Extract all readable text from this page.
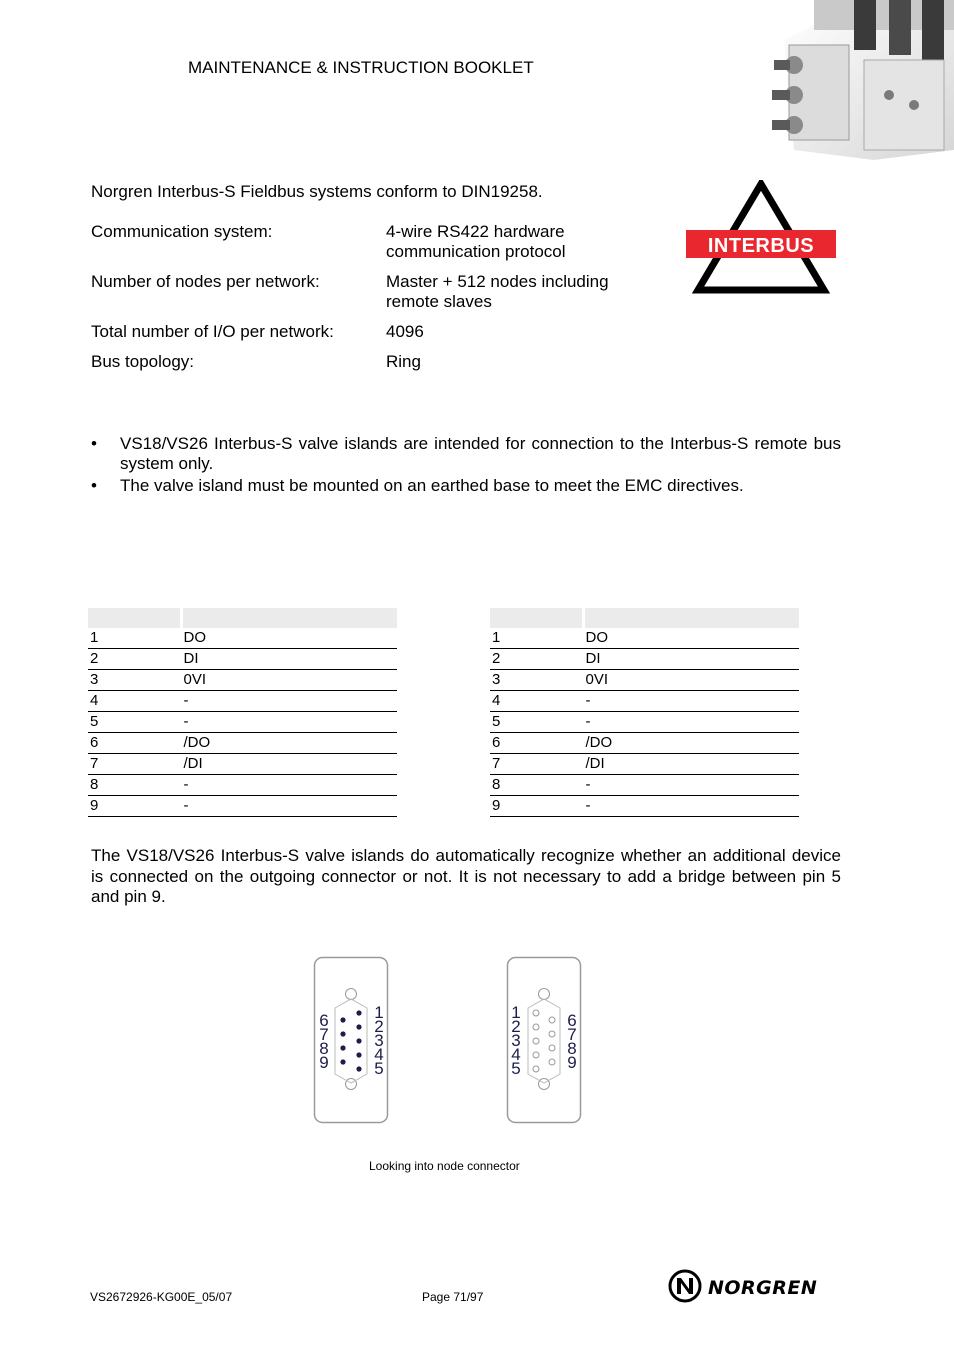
MAINTENANCE & INSTRUCTION BOOKLET
Norgren Interbus-S Fieldbus systems conform to DIN19258.
Communication system:	4-wire RS422 hardware
communication protocol
Number of nodes per network:	Master + 512 nodes including
remote slaves
Total number of I/O per network:	4096
Bus topology:	Ring
INTERBUS
• VS18/VS26 Interbus-S valve islands are intended for connection to the Interbus-S remote bus system only.
• The valve island must be mounted on an earthed base to meet the EMC directives.

1	DO
2	DI
3	0VI
4	-
5	-
6	/DO
7	/DI
8	-
9	-

1	DO
2	DI
3	0VI
4	-
5	-
6	/DO
7	/DI
8	-
9	-
The VS18/VS26 Interbus-S valve islands do automatically recognize whether an additional device is connected on the outgoing connector or not. It is not necessary to add a bridge between pin 5 and pin 9.
6
7
8
9
1
2
3
4
5
1
2
3
4
5
6
7
8
9
Looking into node connector
VS2672926-KG00E_05/07	Page 71/97	NORGREN
